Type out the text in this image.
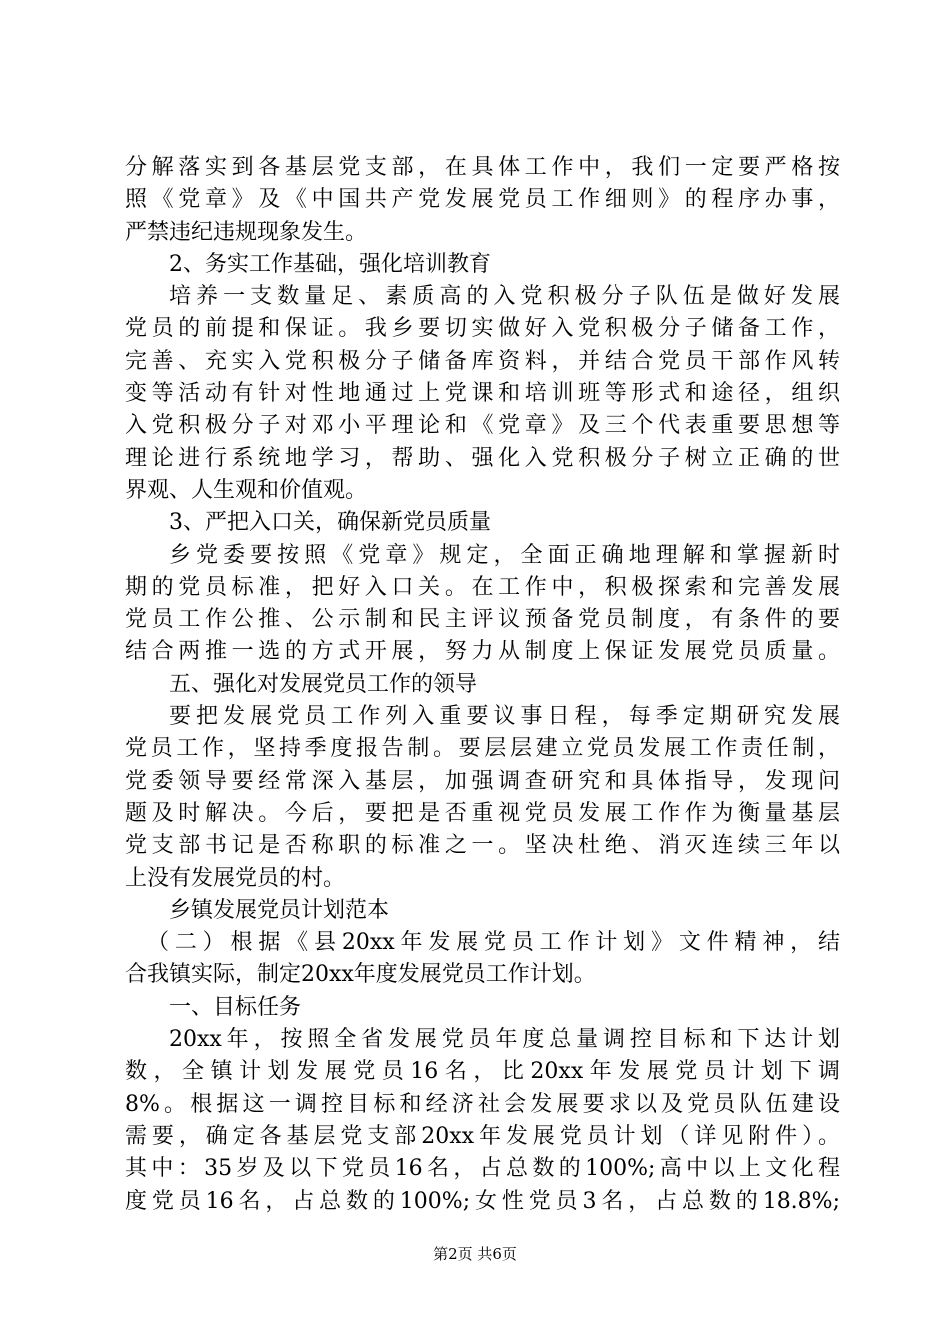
分解落实到各基层党支部，在具体工作中，我们一定要严格按
照《党章》及《中国共产党发展党员工作细则》的程序办事，
严禁违纪违规现象发生。
2、务实工作基础，强化培训教育
培养一支数量足、素质高的入党积极分子队伍是做好发展
党员的前提和保证。我乡要切实做好入党积极分子储备工作，
完善、充实入党积极分子储备库资料，并结合党员干部作风转
变等活动有针对性地通过上党课和培训班等形式和途径，组织
入党积极分子对邓小平理论和《党章》及三个代表重要思想等
理论进行系统地学习，帮助、强化入党积极分子树立正确的世
界观、人生观和价值观。
3、严把入口关，确保新党员质量
乡党委要按照《党章》规定，全面正确地理解和掌握新时
期的党员标准，把好入口关。在工作中，积极探索和完善发展
党员工作公推、公示制和民主评议预备党员制度，有条件的要
结合两推一选的方式开展，努力从制度上保证发展党员质量。
五、强化对发展党员工作的领导
要把发展党员工作列入重要议事日程，每季定期研究发展
党员工作，坚持季度报告制。要层层建立党员发展工作责任制，
党委领导要经常深入基层，加强调查研究和具体指导，发现问
题及时解决。今后，要把是否重视党员发展工作作为衡量基层
党支部书记是否称职的标准之一。坚决杜绝、消灭连续三年以
上没有发展党员的村。
乡镇发展党员计划范本
（二）根据《县20xx年发展党员工作计划》文件精神，结
合我镇实际，制定20xx年度发展党员工作计划。
一、目标任务
20xx年，按照全省发展党员年度总量调控目标和下达计划
数，全镇计划发展党员16名，比20xx年发展党员计划下调
8%。根据这一调控目标和经济社会发展要求以及党员队伍建设
需要，确定各基层党支部20xx年发展党员计划（详见附件）。
其中：35岁及以下党员16名，占总数的100%;高中以上文化程
度党员16名，占总数的100%;女性党员3名，占总数的18.8%;
第2页 共6页
